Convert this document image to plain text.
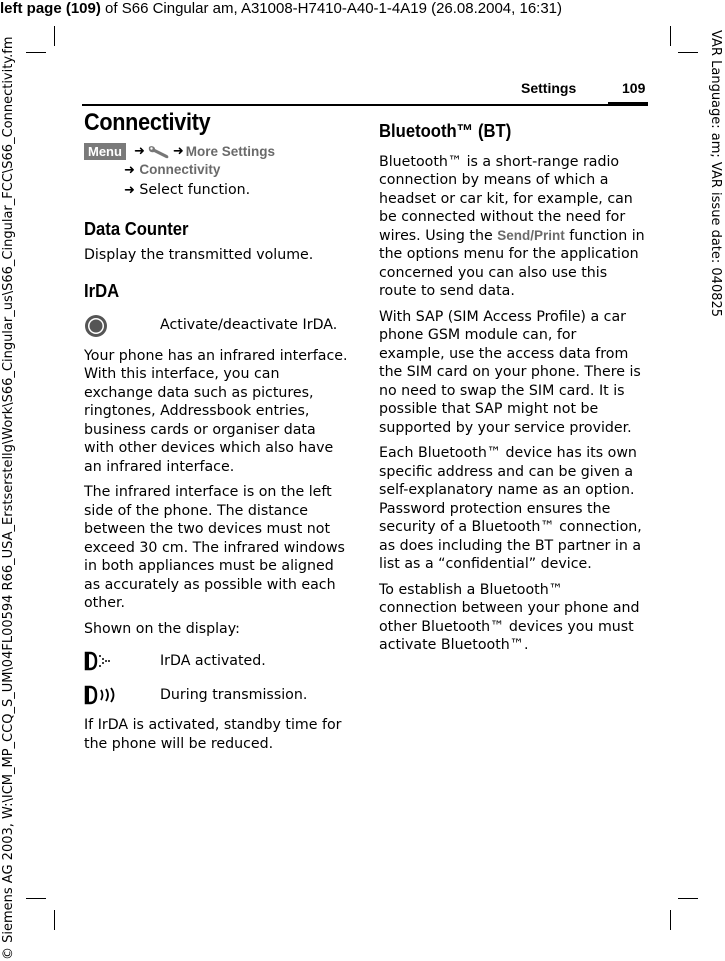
left page (109) of S66 Cingular am, A31008-H7410-A40-1-4A19 (26.08.2004, 16:31)
VAR Language: am; VAR issue date: 040825
© Siemens AG 2003, W:\ICM_MP_CCQ_S_UM\04FL00594 R66_USA_Erstserstellg\Work\S66_Cingular_us\S66_Cingular_FCC\S66_Connectivity.fm	Settings	109
Connectivity
Menu ➜ ➜ More Settings
➜ Connectivity
➜ Select function.
Data Counter

Display the transmitted volume.

IrDA
Activate/deactivate IrDA.

Your phone has an infrared interface. With this interface, you can exchange data such as pictures, ringtones, Addressbook entries, business cards or organiser data with other devices which also have an infrared interface.

The infrared interface is on the left side of the phone. The distance between the two devices must not exceed 30 cm. The infrared windows in both appliances must be aligned as accurately as possible with each other.

Shown on the display:

IrDA activated.
During transmission.

If IrDA is activated, standby time for the phone will be reduced.

Bluetooth™ (BT)

Bluetooth™ is a short-range radio connection by means of which a headset or car kit, for example, can be connected without the need for wires. Using the Send/Print function in the options menu for the application concerned you can also use this route to send data.

With SAP (SIM Access Profile) a car phone GSM module can, for example, use the access data from the SIM card on your phone. There is no need to swap the SIM card. It is possible that SAP might not be supported by your service provider.

Each Bluetooth™ device has its own specific address and can be given a self-explanatory name as an option. Password protection ensures the security of a Bluetooth™ connection, as does including the BT partner in a list as a “confidential” device.

To establish a Bluetooth™ connection between your phone and other Bluetooth™ devices you must activate Bluetooth™.
